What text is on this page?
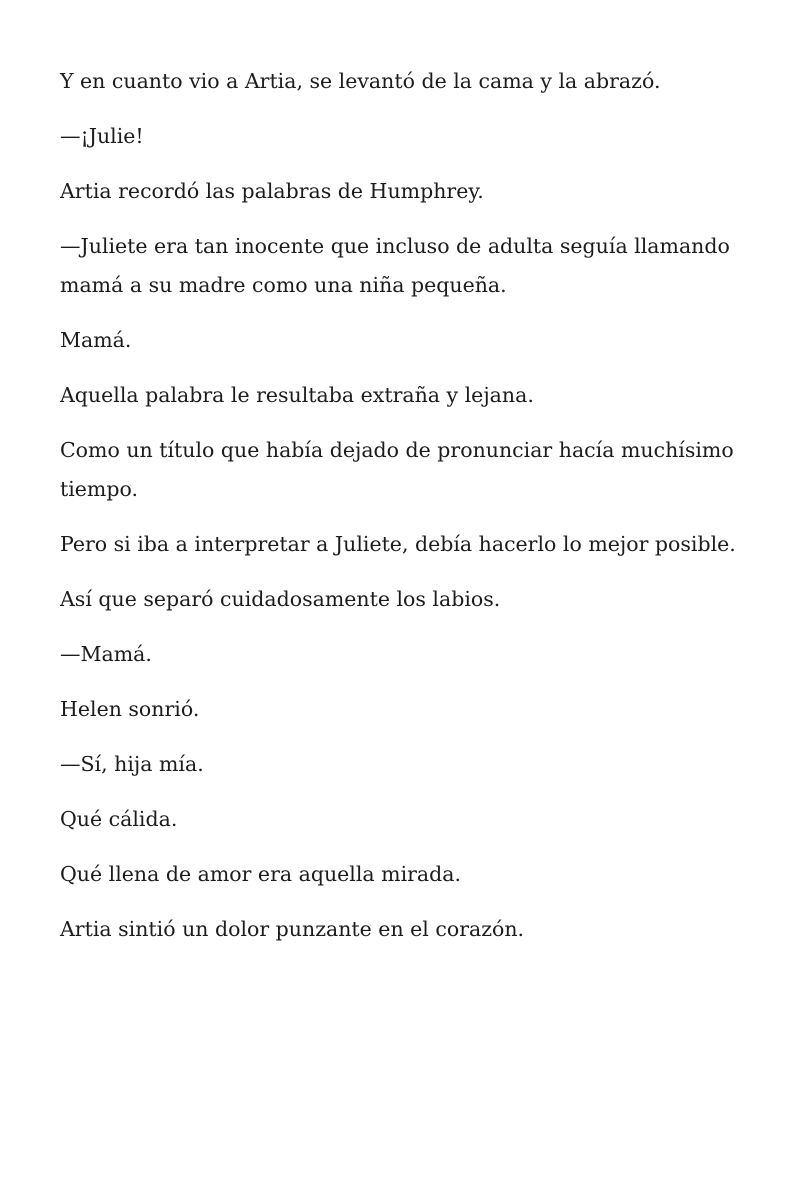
Y en cuanto vio a Artia, se levantó de la cama y la abrazó.

—¡Julie!

Artia recordó las palabras de Humphrey.

—Juliete era tan inocente que incluso de adulta seguía llamando mamá a su madre como una niña pequeña.

Mamá.

Aquella palabra le resultaba extraña y lejana.

Como un título que había dejado de pronunciar hacía muchísimo tiempo.

Pero si iba a interpretar a Juliete, debía hacerlo lo mejor posible.

Así que separó cuidadosamente los labios.

—Mamá.

Helen sonrió.

—Sí, hija mía.

Qué cálida.

Qué llena de amor era aquella mirada.

Artia sintió un dolor punzante en el corazón.
